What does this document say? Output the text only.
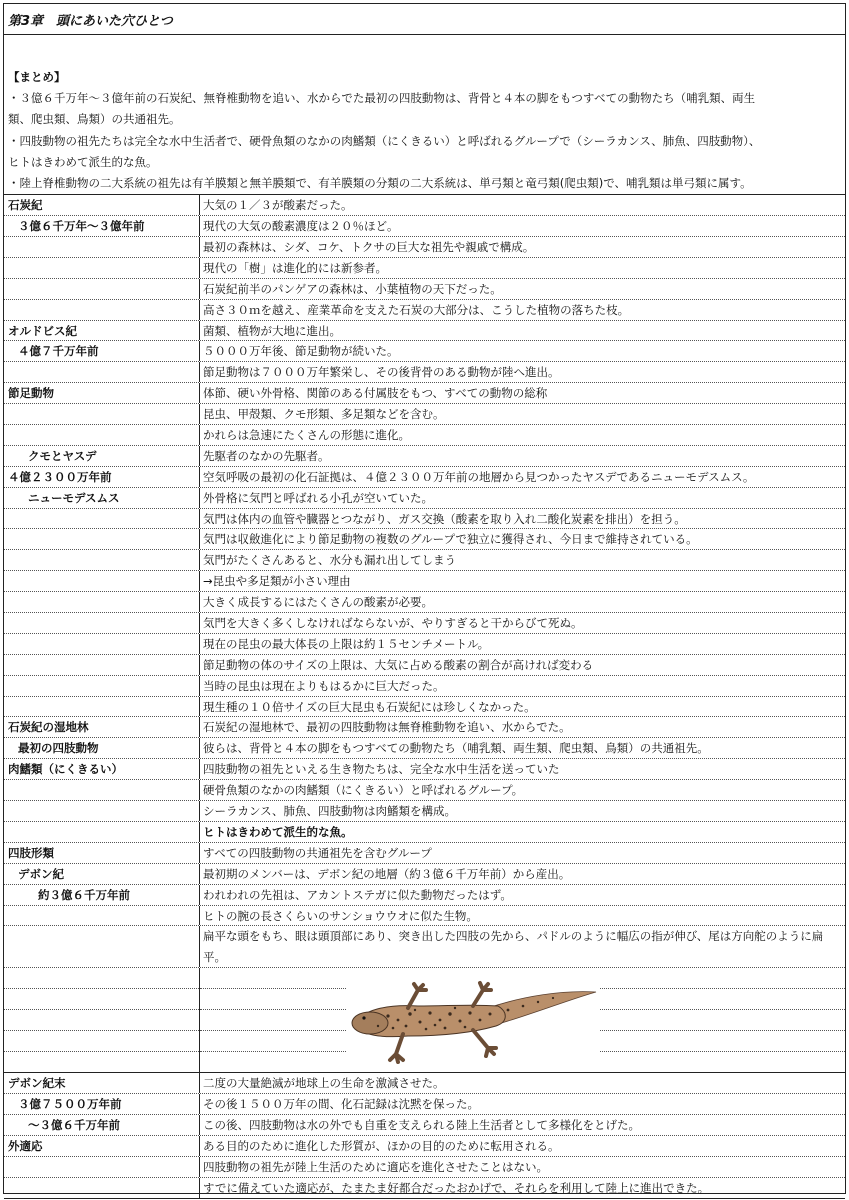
第3章　頭にあいた穴ひとつ
【まとめ】
・３億６千万年～３億年前の石炭紀、無脊椎動物を追い、水からでた最初の四肢動物は、背骨と４本の脚をもつすべての動物たち（哺乳類、両生
類、爬虫類、鳥類）の共通祖先。
・四肢動物の祖先たちは完全な水中生活者で、硬骨魚類のなかの肉鰭類（にくきるい）と呼ばれるグループで（シーラカンス、肺魚、四肢動物）、
ヒトはきわめて派生的な魚。
・陸上脊椎動物の二大系統の祖先は有羊膜類と無羊膜類で、有羊膜類の分類の二大系統は、単弓類と竜弓類(爬虫類)で、哺乳類は単弓類に属す。
石炭紀	大気の１／３が酸素だった。
３億６千万年～３億年前	現代の大気の酸素濃度は２０％ほど。
最初の森林は、シダ、コケ、トクサの巨大な祖先や親戚で構成。
現代の「樹」は進化的には新参者。
石炭紀前半のパンゲアの森林は、小葉植物の天下だった。
高さ３０ｍを越え、産業革命を支えた石炭の大部分は、こうした植物の落ちた枝。
オルドビス紀	菌類、植物が大地に進出。
４億７千万年前	５０００万年後、節足動物が続いた。
節足動物は７０００万年繁栄し、その後背骨のある動物が陸へ進出。
節足動物	体節、硬い外骨格、関節のある付属肢をもつ、すべての動物の総称
昆虫、甲殻類、クモ形類、多足類などを含む。
かれらは急速にたくさんの形態に進化。
クモとヤスデ	先駆者のなかの先駆者。
４億２３００万年前	空気呼吸の最初の化石証拠は、４億２３００万年前の地層から見つかったヤスデであるニューモデスムス。
ニューモデスムス	外骨格に気門と呼ばれる小孔が空いていた。
気門は体内の血管や臓器とつながり、ガス交換（酸素を取り入れ二酸化炭素を排出）を担う。
気門は収斂進化により節足動物の複数のグループで独立に獲得され、今日まで維持されている。
気門がたくさんあると、水分も漏れ出してしまう
→昆虫や多足類が小さい理由
大きく成長するにはたくさんの酸素が必要。
気門を大きく多くしなければならないが、やりすぎると干からびて死ぬ。
現在の昆虫の最大体長の上限は約１５センチメートル。
節足動物の体のサイズの上限は、大気に占める酸素の割合が高ければ変わる
当時の昆虫は現在よりもはるかに巨大だった。
現生種の１０倍サイズの巨大昆虫も石炭紀には珍しくなかった。
石炭紀の湿地林	石炭紀の湿地林で、最初の四肢動物は無脊椎動物を追い、水からでた。
最初の四肢動物	彼らは、背骨と４本の脚をもつすべての動物たち（哺乳類、両生類、爬虫類、鳥類）の共通祖先。
肉鰭類（にくきるい）	四肢動物の祖先といえる生き物たちは、完全な水中生活を送っていた
硬骨魚類のなかの肉鰭類（にくきるい）と呼ばれるグループ。
シーラカンス、肺魚、四肢動物は肉鰭類を構成。
ヒトはきわめて派生的な魚。
四肢形類	すべての四肢動物の共通祖先を含むグループ
デボン紀	最初期のメンバーは、デボン紀の地層（約３億６千万年前）から産出。
約３億６千万年前	われわれの先祖は、アカントステガに似た動物だったはず。
ヒトの腕の長さくらいのサンショウウオに似た生物。
扁平な頭をもち、眼は頭頂部にあり、突き出した四肢の先から、パドルのように幅広の指が伸び、尾は方向舵のように扁平。
デボン紀末	二度の大量絶滅が地球上の生命を激減させた。
３億７５００万年前	その後１５００万年の間、化石記録は沈黙を保った。
～３億６千万年前	この後、四肢動物は水の外でも自重を支えられる陸上生活者として多様化をとげた。
外適応	ある目的のために進化した形質が、ほかの目的のために転用される。
四肢動物の祖先が陸上生活のために適応を進化させたことはない。
すでに備えていた適応が、たまたま好都合だったおかげで、それらを利用して陸上に進出できた。
